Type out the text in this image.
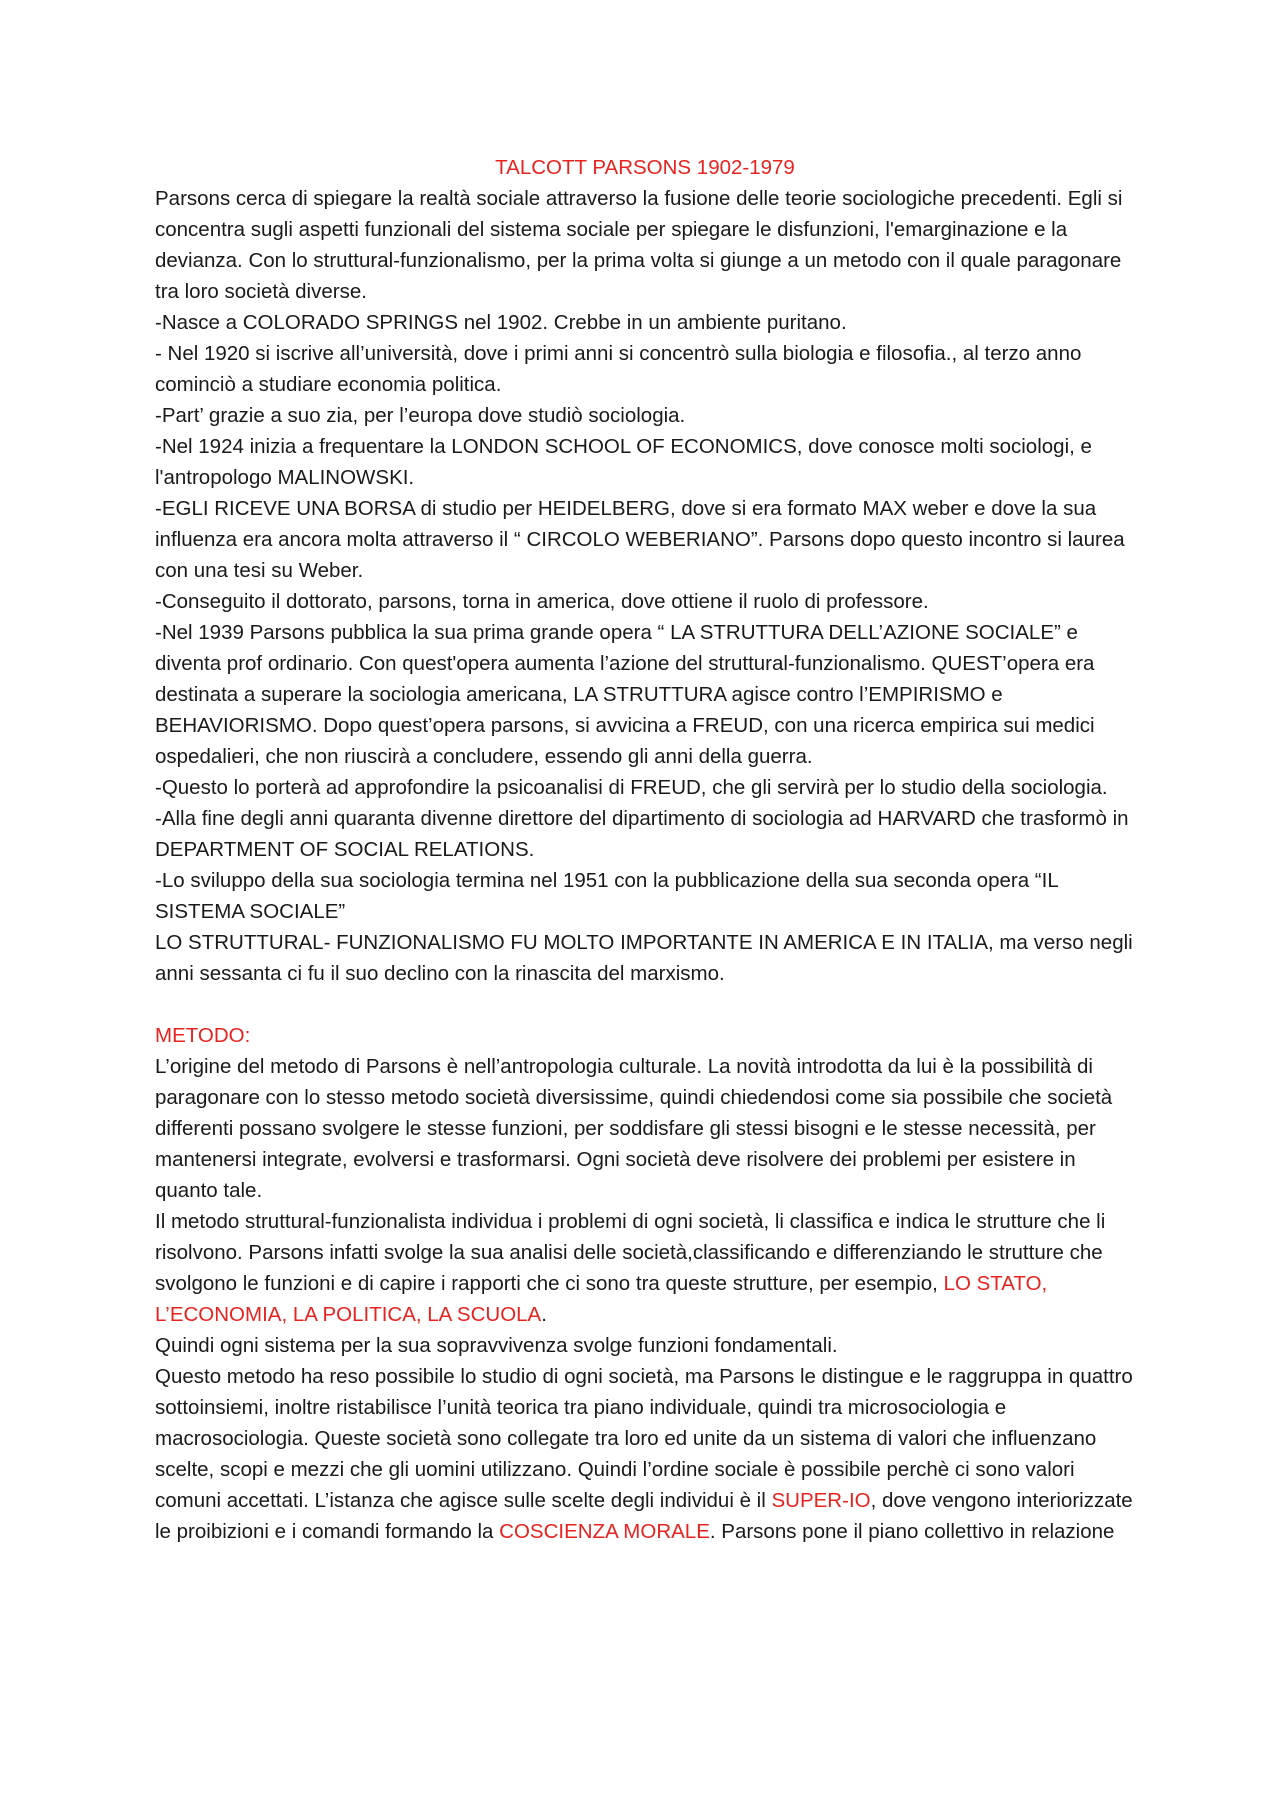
TALCOTT PARSONS 1902-1979

Parsons cerca di spiegare la realtà sociale attraverso la fusione delle teorie sociologiche precedenti. Egli si concentra sugli aspetti funzionali del sistema sociale per spiegare le disfunzioni, l'emarginazione e la devianza. Con lo struttural-funzionalismo, per la prima volta si giunge a un metodo con il quale paragonare tra loro società diverse.

-Nasce a COLORADO SPRINGS nel 1902. Crebbe in un ambiente puritano.

- Nel 1920 si iscrive all’università, dove i primi anni si concentrò sulla biologia e filosofia., al terzo anno cominciò a studiare economia politica.

-Part’ grazie a suo zia, per l’europa dove studiò sociologia.

-Nel 1924 inizia a frequentare la LONDON SCHOOL OF ECONOMICS, dove conosce molti sociologi, e l'antropologo MALINOWSKI.

-EGLI RICEVE UNA BORSA di studio per HEIDELBERG, dove si era formato MAX weber e dove la sua influenza era ancora molta attraverso il “ CIRCOLO WEBERIANO”. Parsons dopo questo incontro si laurea con una tesi su Weber.

-Conseguito il dottorato, parsons, torna in america, dove ottiene il ruolo di professore.

-Nel 1939 Parsons pubblica la sua prima grande opera “ LA STRUTTURA DELL’AZIONE SOCIALE” e diventa prof ordinario. Con quest'opera aumenta l’azione del struttural-funzionalismo. QUEST’opera era destinata a superare la sociologia americana, LA STRUTTURA agisce contro l’EMPIRISMO e BEHAVIORISMO. Dopo quest’opera parsons, si avvicina a FREUD, con una ricerca empirica sui medici ospedalieri, che non riuscirà a concludere, essendo gli anni della guerra.

-Questo lo porterà ad approfondire la psicoanalisi di FREUD, che gli servirà per lo studio della sociologia.

-Alla fine degli anni quaranta divenne direttore del dipartimento di sociologia ad HARVARD che trasformò in DEPARTMENT OF SOCIAL RELATIONS.

-Lo sviluppo della sua sociologia termina nel 1951 con la pubblicazione della sua seconda opera “IL SISTEMA SOCIALE”

LO STRUTTURAL- FUNZIONALISMO FU MOLTO IMPORTANTE IN AMERICA E IN ITALIA, ma verso negli anni sessanta ci fu il suo declino con la rinascita del marxismo.

METODO:

L’origine del metodo di Parsons è nell’antropologia culturale. La novità introdotta da lui è la possibilità di paragonare con lo stesso metodo società diversissime, quindi chiedendosi come sia possibile che società differenti possano svolgere le stesse funzioni, per soddisfare gli stessi bisogni e le stesse necessità, per mantenersi integrate, evolversi e trasformarsi. Ogni società deve risolvere dei problemi per esistere in quanto tale.

Il metodo struttural-funzionalista individua i problemi di ogni società, li classifica e indica le strutture che li risolvono. Parsons infatti svolge la sua analisi delle società,classificando e differenziando le strutture che svolgono le funzioni e di capire i rapporti che ci sono tra queste strutture, per esempio, LO STATO, L’ECONOMIA, LA POLITICA, LA SCUOLA.

Quindi ogni sistema per la sua sopravvivenza svolge funzioni fondamentali.

Questo metodo ha reso possibile lo studio di ogni società, ma Parsons le distingue e le raggruppa in quattro sottoinsiemi, inoltre ristabilisce l’unità teorica tra piano individuale, quindi tra microsociologia e macrosociologia. Queste società sono collegate tra loro ed unite da un sistema di valori che influenzano scelte, scopi e mezzi che gli uomini utilizzano. Quindi l’ordine sociale è possibile perchè ci sono valori comuni accettati. L’istanza che agisce sulle scelte degli individui è il SUPER-IO, dove vengono interiorizzate le proibizioni e i comandi formando la COSCIENZA MORALE. Parsons pone il piano collettivo in relazione
